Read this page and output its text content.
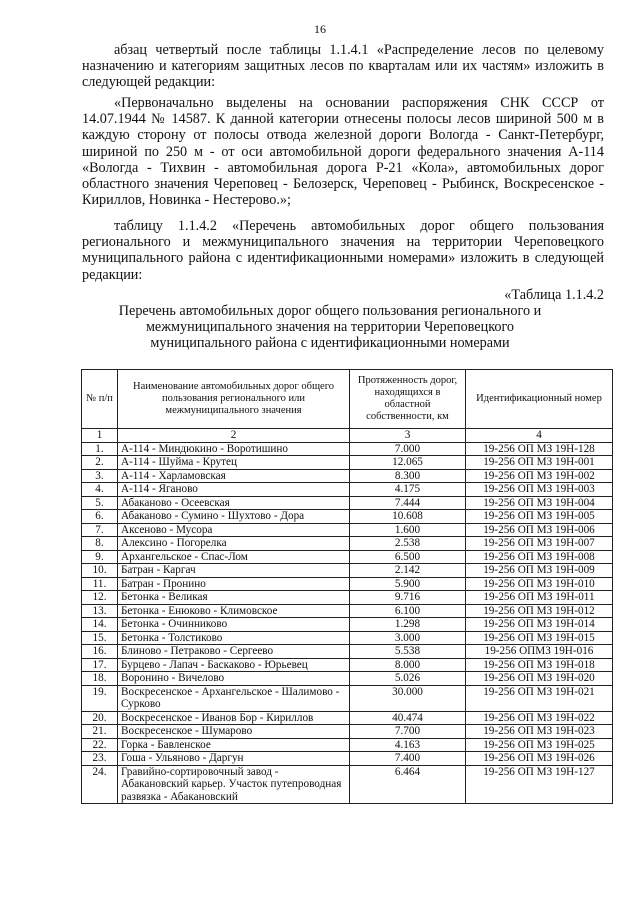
16

абзац четвертый после таблицы 1.1.4.1 «Распределение лесов по целевому назначению и категориям защитных лесов по кварталам или их частям» изложить в следующей редакции:

«Первоначально выделены на основании распоряжения СНК СССР от 14.07.1944 № 14587. К данной категории отнесены полосы лесов шириной 500 м в каждую сторону от полосы отвода железной дороги Вологда - Санкт-Петербург, шириной по 250 м - от оси автомобильной дороги федерального значения А-114 «Вологда - Тихвин - автомобильная дорога Р-21 «Кола», автомобильных дорог областного значения Череповец - Белозерск, Череповец - Рыбинск, Воскресенское - Кириллов, Новинка - Нестерово.»;

таблицу 1.1.4.2 «Перечень автомобильных дорог общего пользования регионального и межмуниципального значения на территории Череповецкого муниципального района с идентификационными номерами» изложить в следующей редакции:

«Таблица 1.1.4.2
Перечень автомобильных дорог общего пользования регионального и межмуниципального значения на территории Череповецкого муниципального района с идентификационными номерами
№ п/п	Наименование автомобильных дорог общего пользования регионального или межмуниципального значения	Протяженность дорог, находящихся в областной собственности, км	Идентификационный номер
1	2	3	4
1.	А-114 - Миндюкино - Воротишино	7.000	19-256 ОП МЗ 19Н-128
2.	А-114 - Шуйма - Крутец	12.065	19-256 ОП МЗ 19Н-001
3.	А-114 - Харламовская	8.300	19-256 ОП МЗ 19Н-002
4.	А-114 - Яганово	4.175	19-256 ОП МЗ 19Н-003
5.	Абаканово - Осеевская	7.444	19-256 ОП МЗ 19Н-004
6.	Абаканово - Сумино - Шухтово - Дора	10.608	19-256 ОП МЗ 19Н-005
7.	Аксеново - Мусора	1.600	19-256 ОП МЗ 19Н-006
8.	Алексино - Погорелка	2.538	19-256 ОП МЗ 19Н-007
9.	Архангельское - Спас-Лом	6.500	19-256 ОП МЗ 19Н-008
10.	Батран - Каргач	2.142	19-256 ОП МЗ 19Н-009
11.	Батран - Пронино	5.900	19-256 ОП МЗ 19Н-010
12.	Бетонка - Великая	9.716	19-256 ОП МЗ 19Н-011
13.	Бетонка - Енюково - Климовское	6.100	19-256 ОП МЗ 19Н-012
14.	Бетонка - Очинниково	1.298	19-256 ОП МЗ 19Н-014
15.	Бетонка - Толстиково	3.000	19-256 ОП МЗ 19Н-015
16.	Блиново - Петраково - Сергеево	5.538	19-256 ОПМЗ 19Н-016
17.	Бурцево - Лапач - Баскаково - Юрьевец	8.000	19-256 ОП МЗ 19Н-018
18.	Воронино - Вичелово	5.026	19-256 ОП МЗ 19Н-020
19.	Воскресенское - Архангельское - Шалимово - Сурково	30.000	19-256 ОП МЗ 19Н-021
20.	Воскресенское - Иванов Бор - Кириллов	40.474	19-256 ОП МЗ 19Н-022
21.	Воскресенское - Шумарово	7.700	19-256 ОП МЗ 19Н-023
22.	Горка - Бавленское	4.163	19-256 ОП МЗ 19Н-025
23.	Гоша - Ульяново - Даргун	7.400	19-256 ОП МЗ 19Н-026
24.	Гравийно-сортировочный завод - Абакановский карьер. Участок путепроводная развязка - Абакановский	6.464	19-256 ОП МЗ 19Н-127
